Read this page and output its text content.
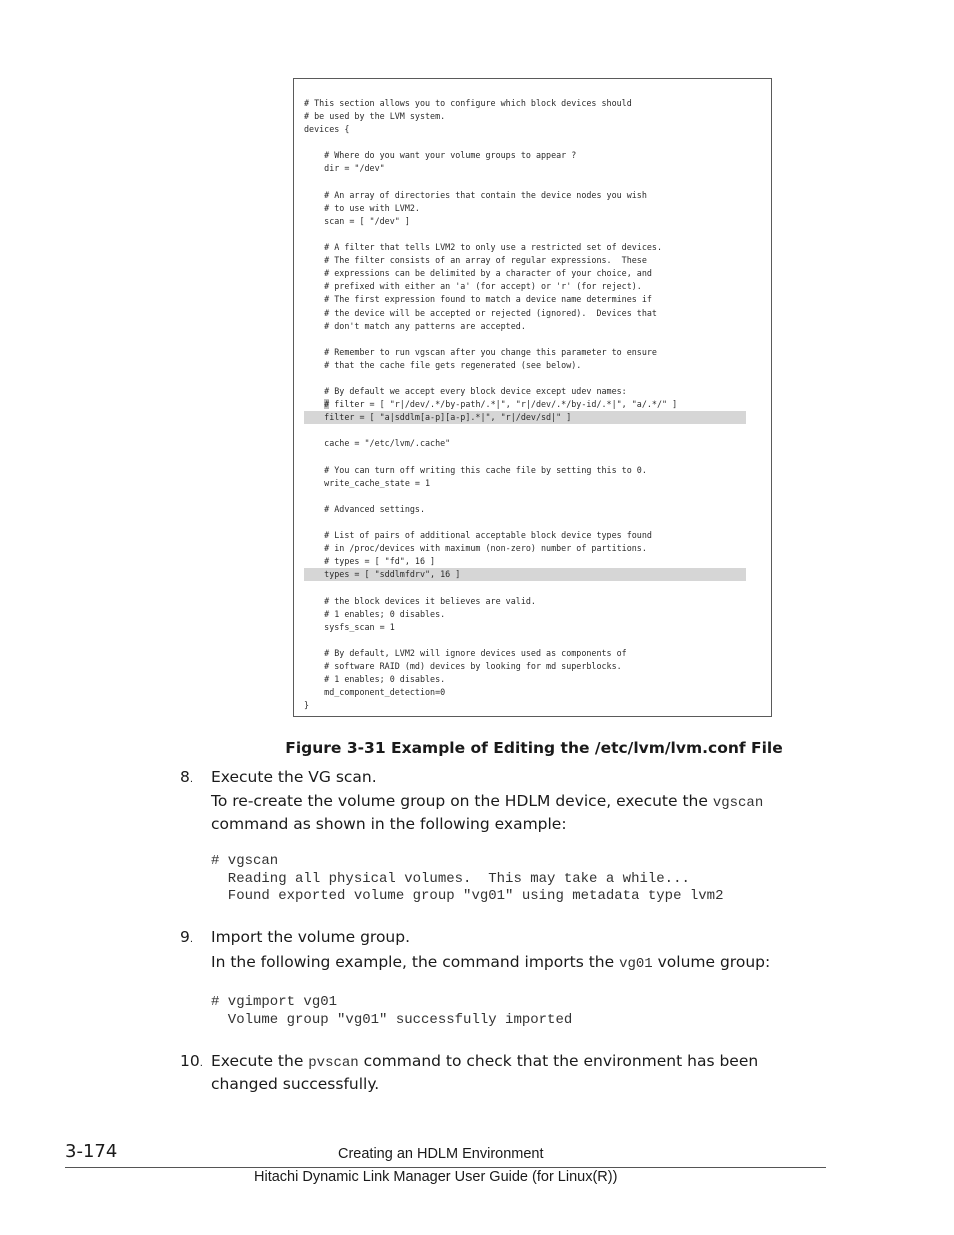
# This section allows you to configure which block devices should
# be used by the LVM system.
devices {
# Where do you want your volume groups to appear ?
dir = "/dev"
# An array of directories that contain the device nodes you wish
# to use with LVM2.
scan = [ "/dev" ]
# A filter that tells LVM2 to only use a restricted set of devices.
# The filter consists of an array of regular expressions.  These
# expressions can be delimited by a character of your choice, and
# prefixed with either an 'a' (for accept) or 'r' (for reject).
# The first expression found to match a device name determines if
# the device will be accepted or rejected (ignored).  Devices that
# don't match any patterns are accepted.
# Remember to run vgscan after you change this parameter to ensure
# that the cache file gets regenerated (see below).
# By default we accept every block device except udev names:
# filter = [ "r|/dev/.*/by-path/.*|", "r|/dev/.*/by-id/.*|", "a/.*/" ]
filter = [ "a|sddlm[a-p][a-p].*|", "r|/dev/sd|" ]
cache = "/etc/lvm/.cache"
# You can turn off writing this cache file by setting this to 0.
write_cache_state = 1
# Advanced settings.
# List of pairs of additional acceptable block device types found
# in /proc/devices with maximum (non-zero) number of partitions.
# types = [ "fd", 16 ]
types = [ "sddlmfdrv", 16 ]
# the block devices it believes are valid.
# 1 enables; 0 disables.
sysfs_scan = 1
# By default, LVM2 will ignore devices used as components of
# software RAID (md) devices by looking for md superblocks.
# 1 enables; 0 disables.
md_component_detection=0
}
Figure 3-31 Example of Editing the /etc/lvm/lvm.conf File
8. Execute the VG scan.
To re-create the volume group on the HDLM device, execute the vgscan command as shown in the following example:
# vgscan
Reading all physical volumes.  This may take a while...
Found exported volume group "vg01" using metadata type lvm2
9. Import the volume group.
In the following example, the command imports the vg01 volume group:
# vgimport vg01
Volume group "vg01" successfully imported
10. Execute the pvscan command to check that the environment has been changed successfully.
3-174	Creating an HDLM Environment
Hitachi Dynamic Link Manager User Guide (for Linux(R))
